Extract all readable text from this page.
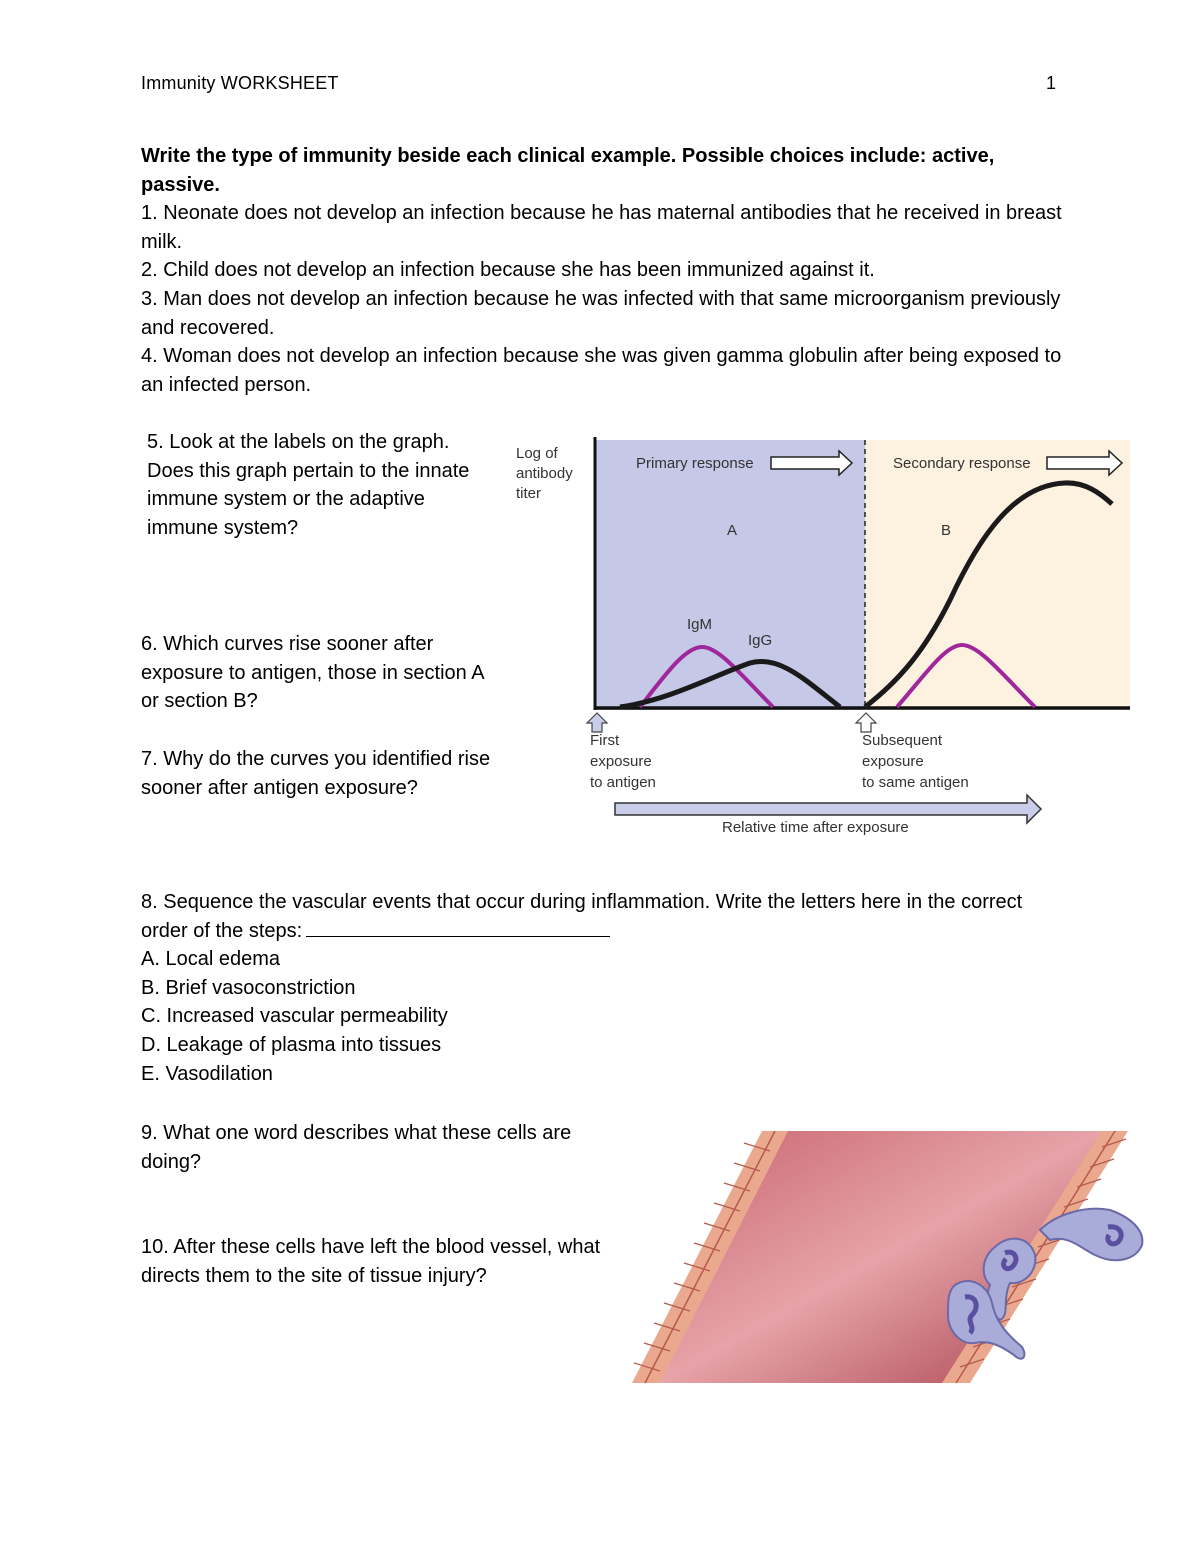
Immunity WORKSHEET	1

Write the type of immunity beside each clinical example. Possible choices include: active, passive.

1. Neonate does not develop an infection because he has maternal antibodies that he received in breast milk.

2. Child does not develop an infection because she has been immunized against it.

3. Man does not develop an infection because he was infected with that same microorganism previously and recovered.

4. Woman does not develop an infection because she was given gamma globulin after being exposed to an infected person.

5. Look at the labels on the graph. Does this graph pertain to the innate immune system or the adaptive immune system?

6. Which curves rise sooner after exposure to antigen, those in section A or section B?

7. Why do the curves you identified rise sooner after antigen exposure?

8. Sequence the vascular events that occur during inflammation. Write the letters here in the correct order of the steps:

A. Local edema

B. Brief vasoconstriction

C. Increased vascular permeability

D. Leakage of plasma into tissues

E. Vasodilation

9. What one word describes what these cells are doing?

10. After these cells have left the blood vessel, what directs them to the site of tissue injury?

Log of
antibody
titer
Primary response	Secondary response
A	B
IgM
IgG
First
exposure
to antigen
Subsequent
exposure
to same antigen
Relative time after exposure
